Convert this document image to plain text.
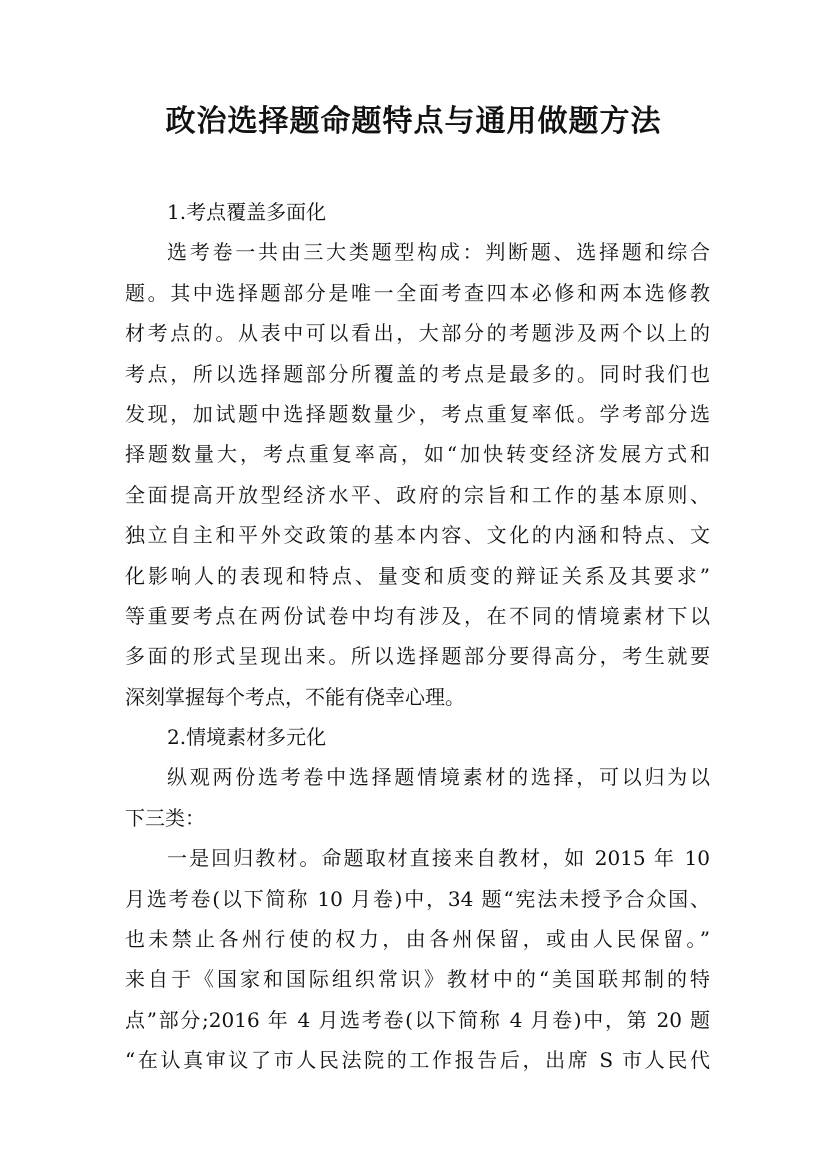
政治选择题命题特点与通用做题方法
1.考点覆盖多面化
选考卷一共由三大类题型构成：判断题、选择题和综合
题。其中选择题部分是唯一全面考查四本必修和两本选修教
材考点的。从表中可以看出，大部分的考题涉及两个以上的
考点，所以选择题部分所覆盖的考点是最多的。同时我们也
发现，加试题中选择题数量少，考点重复率低。学考部分选
择题数量大，考点重复率高，如“加快转变经济发展方式和
全面提高开放型经济水平、政府的宗旨和工作的基本原则、
独立自主和平外交政策的基本内容、文化的内涵和特点、文
化影响人的表现和特点、量变和质变的辩证关系及其要求”
等重要考点在两份试卷中均有涉及，在不同的情境素材下以
多面的形式呈现出来。所以选择题部分要得高分，考生就要
深刻掌握每个考点，不能有侥幸心理。
2.情境素材多元化
纵观两份选考卷中选择题情境素材的选择，可以归为以
下三类：
一是回归教材。命题取材直接来自教材，如 2015 年 10
月选考卷(以下简称 10 月卷)中，34 题“宪法未授予合众国、
也未禁止各州行使的权力，由各州保留，或由人民保留。”
来自于《国家和国际组织常识》教材中的“美国联邦制的特
点”部分;2016 年 4 月选考卷(以下简称 4 月卷)中，第 20 题
“在认真审议了市人民法院的工作报告后，出席 S 市人民代
